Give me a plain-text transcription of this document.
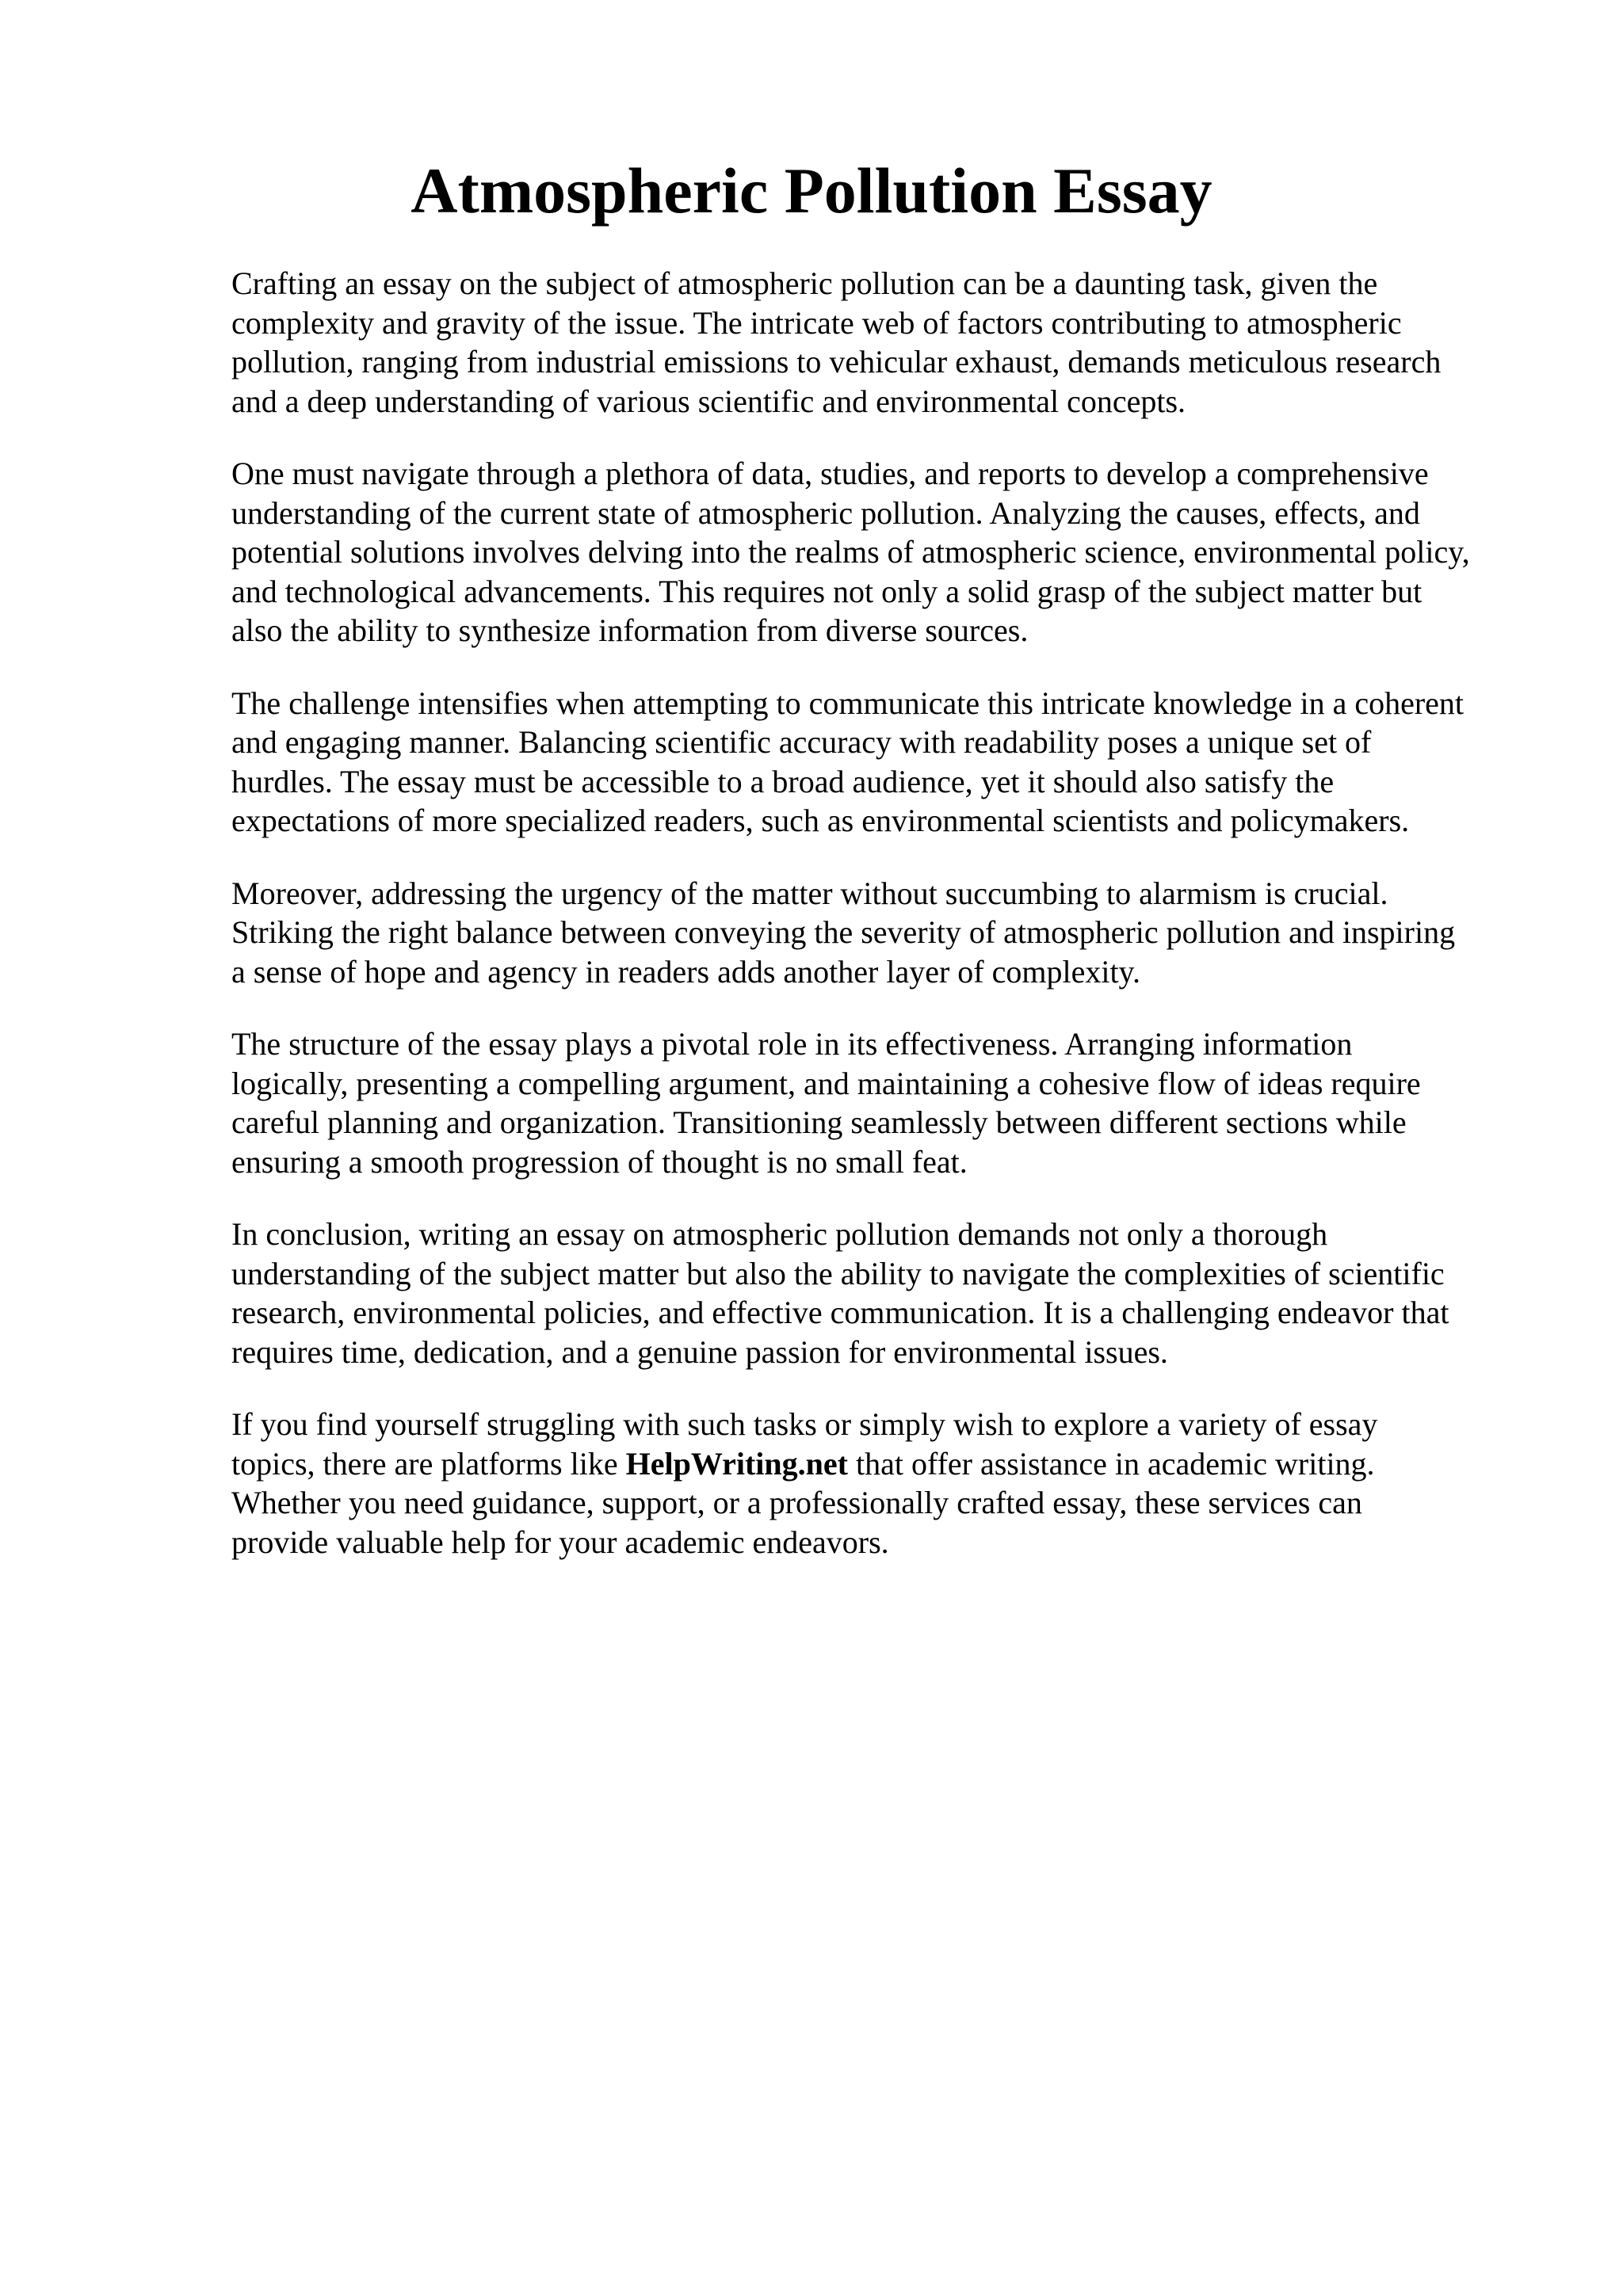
Atmospheric Pollution Essay

Crafting an essay on the subject of atmospheric pollution can be a daunting task, given the
complexity and gravity of the issue. The intricate web of factors contributing to atmospheric
pollution, ranging from industrial emissions to vehicular exhaust, demands meticulous research
and a deep understanding of various scientific and environmental concepts.

One must navigate through a plethora of data, studies, and reports to develop a comprehensive
understanding of the current state of atmospheric pollution. Analyzing the causes, effects, and
potential solutions involves delving into the realms of atmospheric science, environmental policy,
and technological advancements. This requires not only a solid grasp of the subject matter but
also the ability to synthesize information from diverse sources.

The challenge intensifies when attempting to communicate this intricate knowledge in a coherent
and engaging manner. Balancing scientific accuracy with readability poses a unique set of
hurdles. The essay must be accessible to a broad audience, yet it should also satisfy the
expectations of more specialized readers, such as environmental scientists and policymakers.

Moreover, addressing the urgency of the matter without succumbing to alarmism is crucial.
Striking the right balance between conveying the severity of atmospheric pollution and inspiring
a sense of hope and agency in readers adds another layer of complexity.

The structure of the essay plays a pivotal role in its effectiveness. Arranging information
logically, presenting a compelling argument, and maintaining a cohesive flow of ideas require
careful planning and organization. Transitioning seamlessly between different sections while
ensuring a smooth progression of thought is no small feat.

In conclusion, writing an essay on atmospheric pollution demands not only a thorough
understanding of the subject matter but also the ability to navigate the complexities of scientific
research, environmental policies, and effective communication. It is a challenging endeavor that
requires time, dedication, and a genuine passion for environmental issues.

If you find yourself struggling with such tasks or simply wish to explore a variety of essay
topics, there are platforms like HelpWriting.net that offer assistance in academic writing.
Whether you need guidance, support, or a professionally crafted essay, these services can
provide valuable help for your academic endeavors.
